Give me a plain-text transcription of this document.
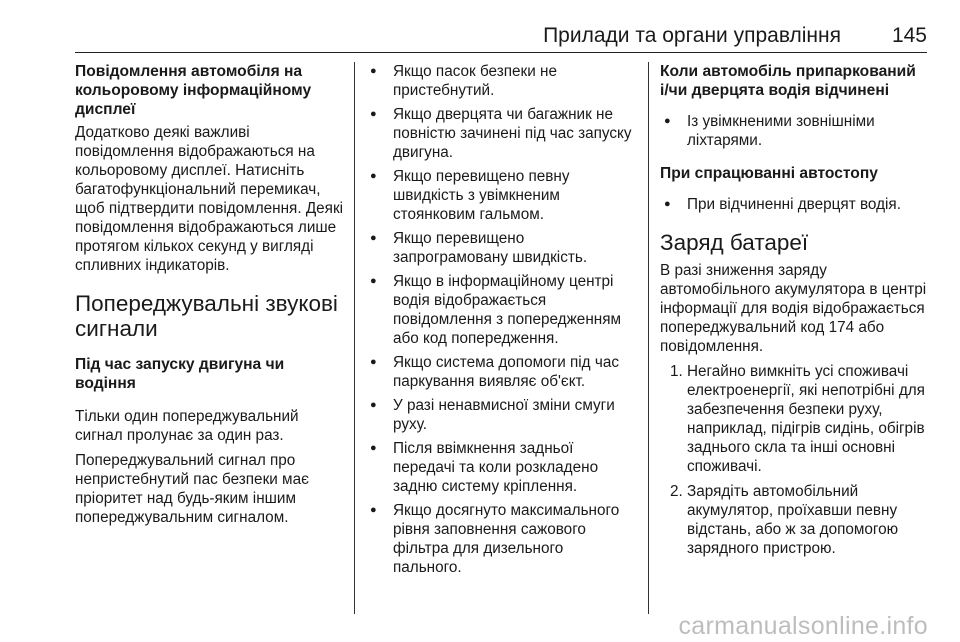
Прилади та органи управління 145
Повідомлення автомобіля на кольоровому інформаційному дисплеї

Додатково деякі важливі повідомлення відображаються на кольоровому дисплеї. Натисніть багатофункціональний перемикач, щоб підтвердити повідомлення. Деякі повідомлення відображаються лише протягом кількох секунд у вигляді спливних індикаторів.

Попереджувальні звукові сигнали
Під час запуску двигуна чи водіння

Тільки один попереджувальний сигнал пролунає за один раз.

Попереджувальний сигнал про непристебнутий пас безпеки має пріоритет над будь-яким іншим попереджувальним сигналом.

● Якщо пасок безпеки не пристебнутий.
● Якщо дверцята чи багажник не повністю зачинені під час запуску двигуна.
● Якщо перевищено певну швидкість з увімкненим стоянковим гальмом.
● Якщо перевищено запрограмовану швидкість.
● Якщо в інформаційному центрі водія відображається повідомлення з попередженням або код попередження.
● Якщо система допомоги під час паркування виявляє об'єкт.
● У разі ненавмисної зміни смуги руху.
● Після ввімкнення задньої передачі та коли розкладено задню систему кріплення.
● Якщо досягнуто максимального рівня заповнення сажового фільтра для дизельного пального.
Коли автомобіль припаркований і/чи дверцята водія відчинені
● Із увімкненими зовнішніми ліхтарями.
При спрацюванні автостопу
● При відчиненні дверцят водія.
Заряд батареї

В разі зниження заряду автомобільного акумулятора в центрі інформації для водія відображається попереджувальний код 174 або повідомлення.

1. Негайно вимкніть усі споживачі електроенергії, які непотрібні для забезпечення безпеки руху, наприклад, підігрів сидінь, обігрів заднього скла та інші основні споживачі.
2. Зарядіть автомобільний акумулятор, проїхавши певну відстань, або ж за допомогою зарядного пристрою.
carmanualsonline.info
